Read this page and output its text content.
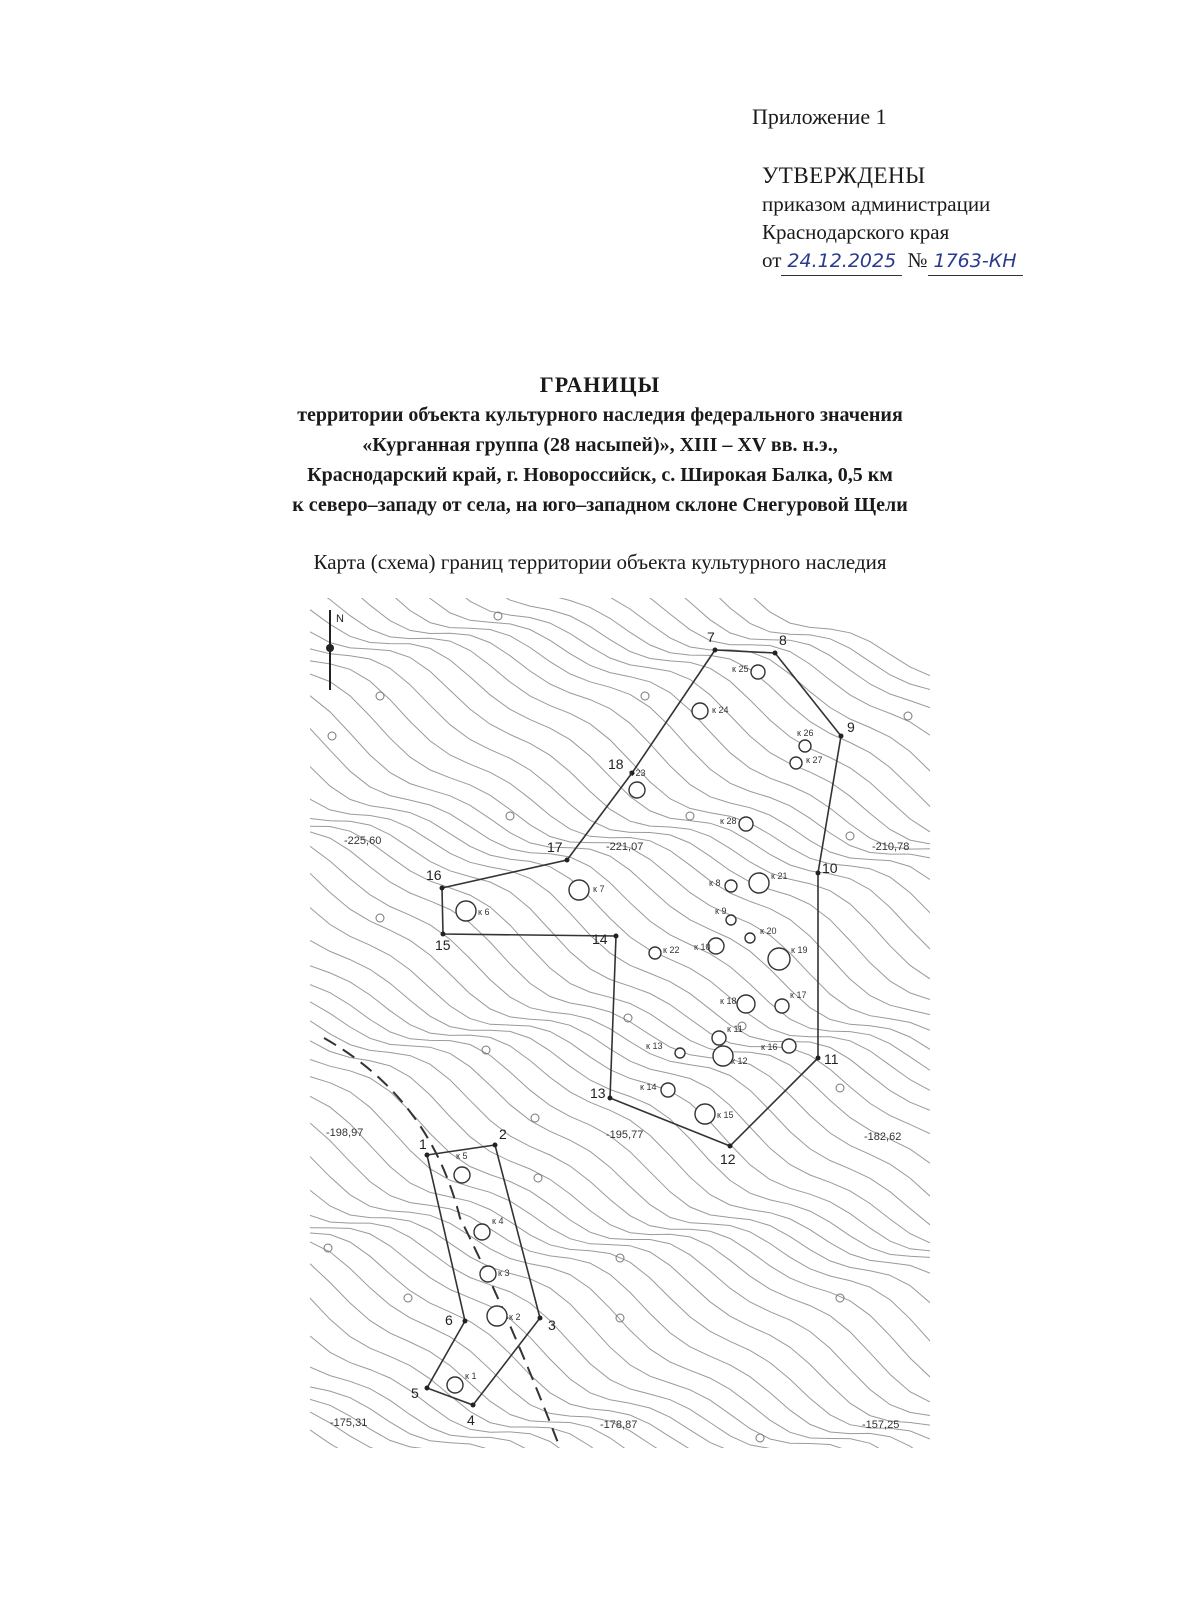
Приложение 1
УТВЕРЖДЕНЫ
приказом администрации
Краснодарского края
от 24.12.2025 № 1763-КН
ГРАНИЦЫ
территории объекта культурного наследия федерального значения
«Курганная группа (28 насыпей)», XIII – XV вв. н.э.,
Краснодарский край, г. Новороссийск, с. Широкая Балка, 0,5 км
к северо–западу от села, на юго–западном склоне Снегуровой Щели
Карта (схема) границ территории объекта культурного наследия
N
1
2
3
4
5
6
7	8
9
10
11
12
13
14
15
16
17
18
к 1
к 2
к 3
к 4
к 5
к 6
к 7
к 8
к 9
к 10
к 11
к 12
к 13
к 14
к 15
к 16
к 17
к 18
к 19
к 20
к 21
к 22
к 23
к 24
к 25
к 26
к 27
к 28
-225,60	-221,07	-210,78
-198,97	-195,77	-182,62
-175,31	-178,87	-157,25
